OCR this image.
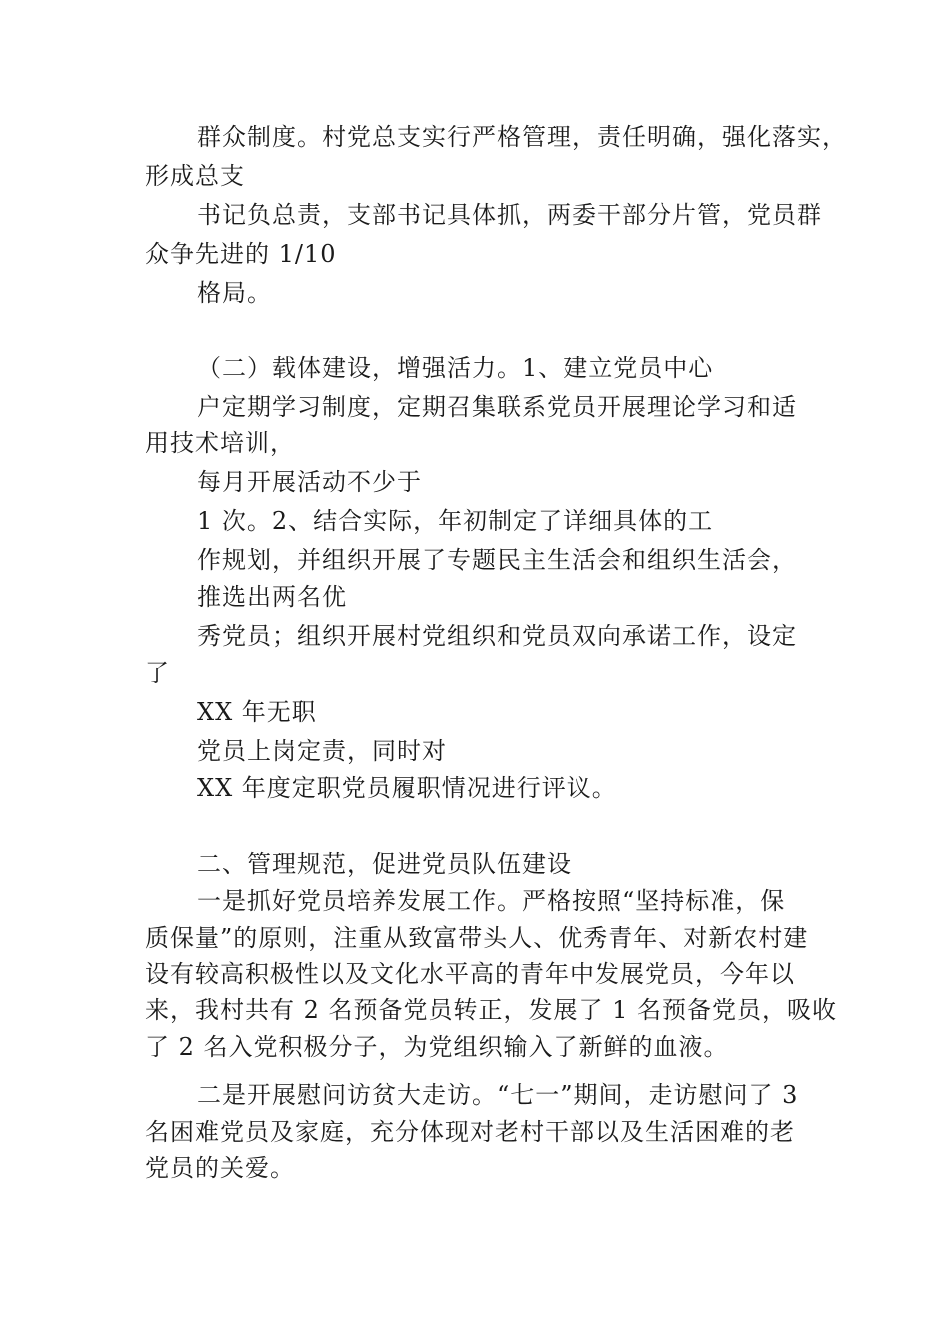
群众制度。村党总支实行严格管理，责任明确，强化落实，
形成总支
书记负总责，支部书记具体抓，两委干部分片管，党员群
众争先进的 1/10
格局。
（二）载体建设，增强活力。1、建立党员中心
户定期学习制度，定期召集联系党员开展理论学习和适
用技术培训，
每月开展活动不少于
1 次。2、结合实际，年初制定了详细具体的工
作规划，并组织开展了专题民主生活会和组织生活会，
推选出两名优
秀党员；组织开展村党组织和党员双向承诺工作，设定
了
XX 年无职
党员上岗定责，同时对
XX 年度定职党员履职情况进行评议。
二、管理规范，促进党员队伍建设
一是抓好党员培养发展工作。严格按照“坚持标准，保
质保量”的原则，注重从致富带头人、优秀青年、对新农村建
设有较高积极性以及文化水平高的青年中发展党员，今年以
来，我村共有 2 名预备党员转正，发展了 1 名预备党员，吸收
了 2 名入党积极分子，为党组织输入了新鲜的血液。
二是开展慰问访贫大走访。“七一”期间，走访慰问了 3
名困难党员及家庭，充分体现对老村干部以及生活困难的老
党员的关爱。
